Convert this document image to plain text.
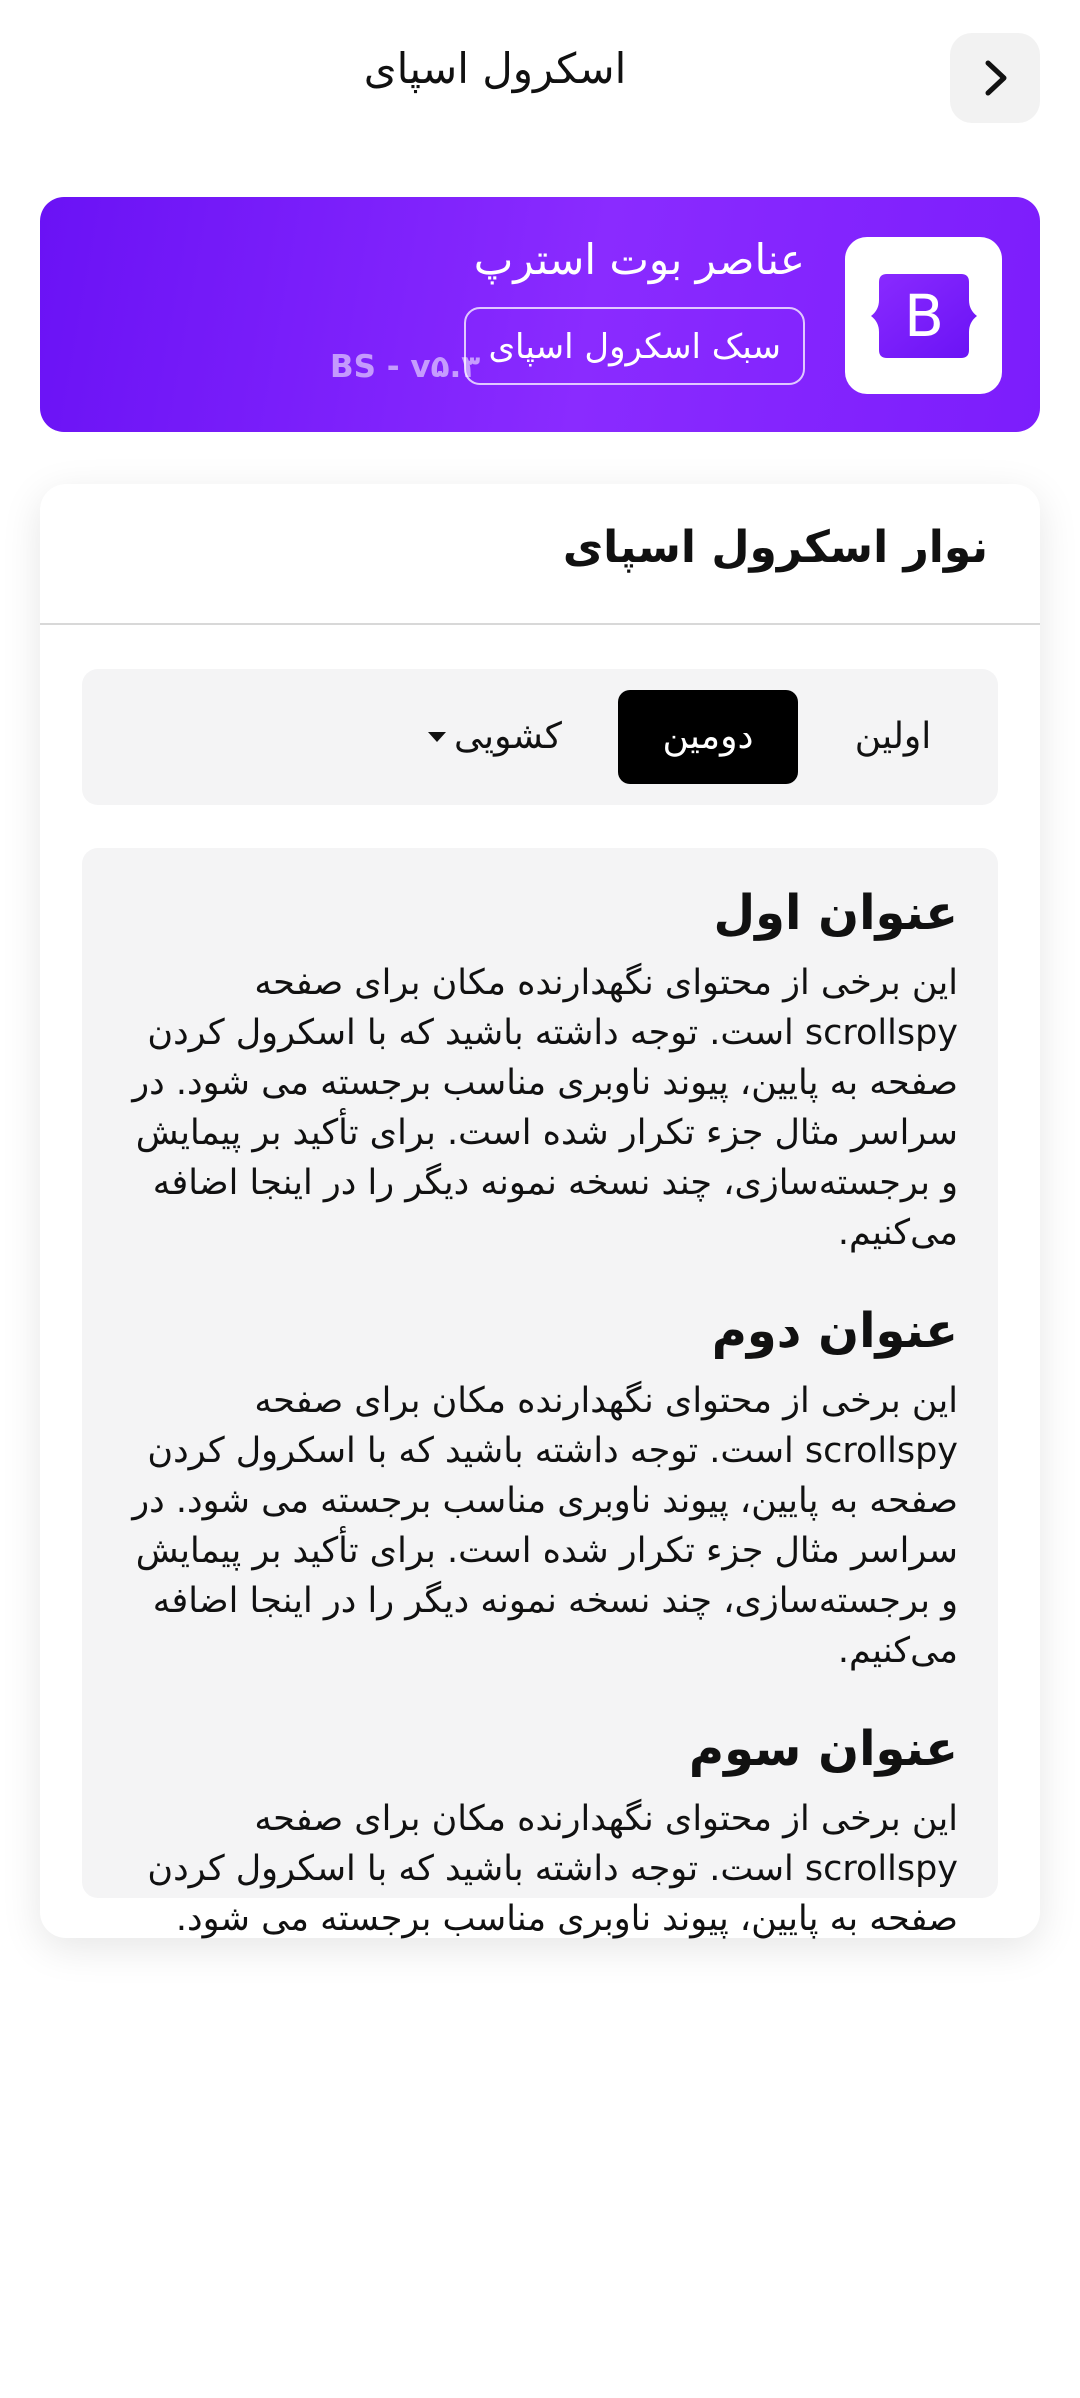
اسکرول اسپای
B
عناصر بوت استرپ
سبک اسکرول اسپای
BS - v۵.۳
نوار اسکرول اسپای
اولین
دومین
کشویی
عنوان اول
این برخی از محتوای نگهدارنده مکان برای صفحه scrollspy است. توجه داشته باشید که با اسکرول کردن صفحه به پایین، پیوند ناوبری مناسب برجسته می شود. در سراسر مثال جزء تکرار شده است. برای تأکید بر پیمایش و برجسته‌سازی، چند نسخه نمونه دیگر را در اینجا اضافه می‌کنیم.
عنوان دوم
این برخی از محتوای نگهدارنده مکان برای صفحه scrollspy است. توجه داشته باشید که با اسکرول کردن صفحه به پایین، پیوند ناوبری مناسب برجسته می شود. در سراسر مثال جزء تکرار شده است. برای تأکید بر پیمایش و برجسته‌سازی، چند نسخه نمونه دیگر را در اینجا اضافه می‌کنیم.
عنوان سوم
این برخی از محتوای نگهدارنده مکان برای صفحه scrollspy است. توجه داشته باشید که با اسکرول کردن صفحه به پایین، پیوند ناوبری مناسب برجسته می شود.
